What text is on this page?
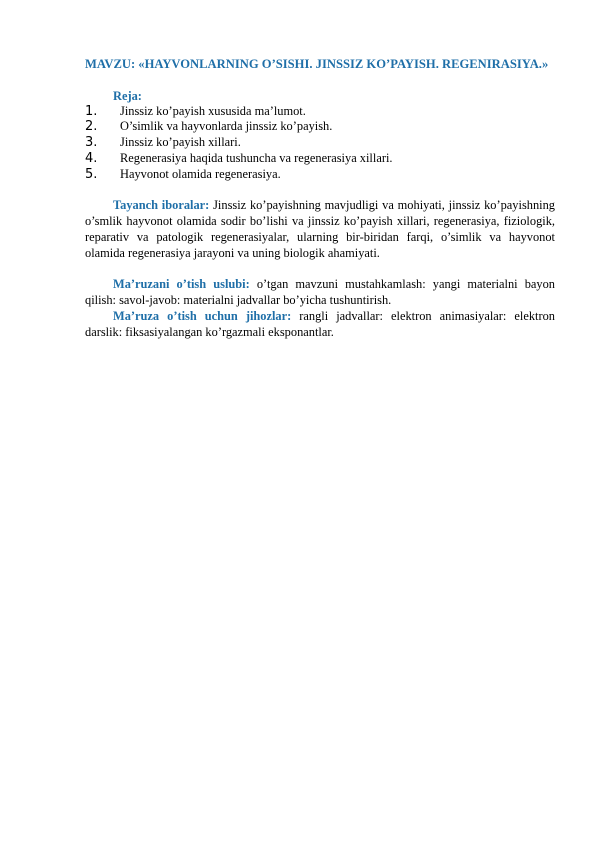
MAVZU: «HAYVONLARNING O’SISHI. JINSSIZ KO’PAYISH. REGENIRASIYA.»

Reja:
1. Jinssiz ko’payish xususida ma’lumot.
2. O’simlik va hayvonlarda jinssiz ko’payish.
3. Jinssiz ko’payish xillari.
4. Regenerasiya haqida tushuncha va regenerasiya xillari.
5. Hayvonot olamida regenerasiya.

Tayanch iboralar: Jinssiz ko’payishning mavjudligi va mohiyati, jinssiz ko’payishning o’smlik hayvonot olamida sodir bo’lishi va jinssiz ko’payish xillari, regenerasiya, fiziologik, reparativ va patologik regenerasiyalar, ularning bir-biridan farqi, o’simlik va hayvonot olamida regenerasiya jarayoni va uning biologik ahamiyati.

Ma’ruzani o’tish uslubi: o’tgan mavzuni mustahkamlash: yangi materialni bayon qilish: savol-javob: materialni jadvallar bo’yicha tushuntirish.

Ma’ruza o’tish uchun jihozlar: rangli jadvallar: elektron animasiyalar: elektron darslik: fiksasiyalangan ko’rgazmali eksponantlar.
